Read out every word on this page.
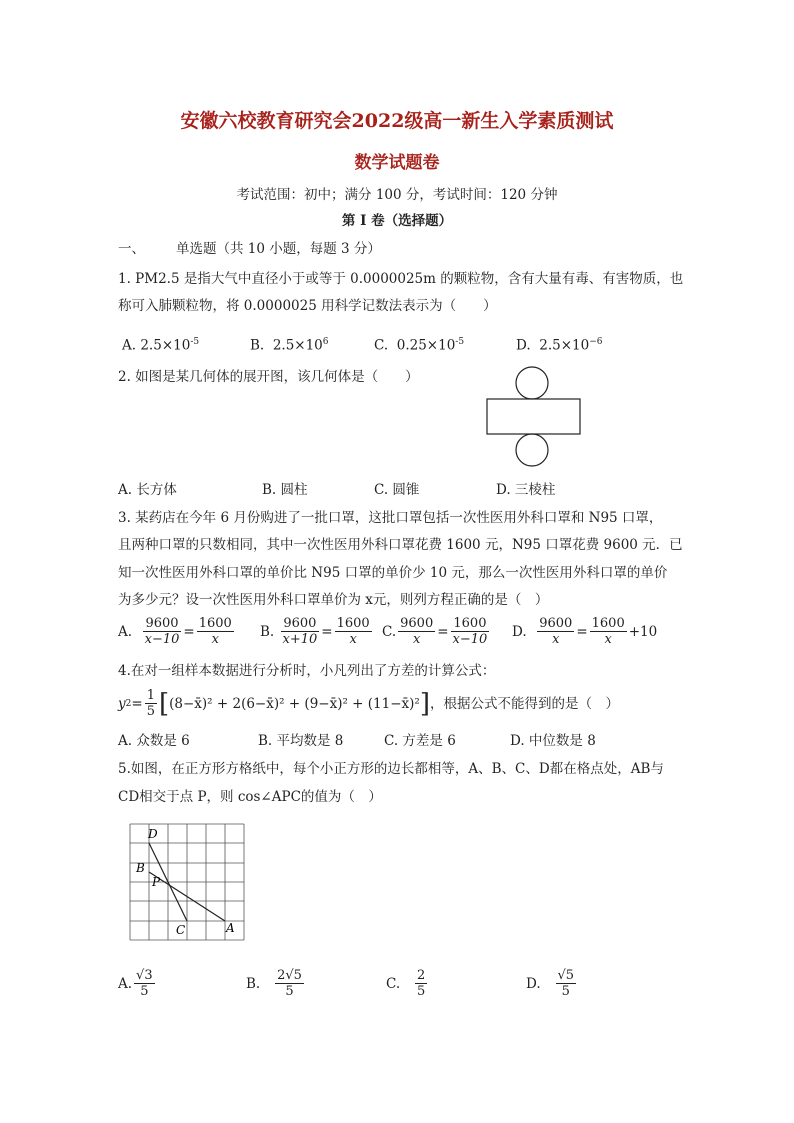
安徽六校教育研究会2022级高一新生入学素质测试
数学试题卷
考试范围：初中；满分 100 分，考试时间：120 分钟
第 I 卷（选择题）
一、 单选题（共 10 小题，每题 3 分）
1. PM2.5 是指大气中直径小于或等于 0.0000025m 的颗粒物，含有大量有毒、有害物质，也
称可入肺颗粒物，将 0.0000025 用科学记数法表示为（　　）
A. $2.5\times 10^{-5}$	B. $2.5\times 10^6$	C. $0.25\times 10^{-5}$	D. $2.5\times 10^{-6}$
2. 如图是某几何体的展开图，该几何体是（　　）
A. 长方体	B. 圆柱	C. 圆锥	D. 三棱柱
3. 某药店在今年 6 月份购进了一批口罩，这批口罩包括一次性医用外科口罩和 N95 口罩，
且两种口罩的只数相同，其中一次性医用外科口罩花费 1600 元，N95 口罩花费 9600 元．已
知一次性医用外科口罩的单价比 N95 口罩的单价少 10 元，那么一次性医用外科口罩的单价
为多少元？设一次性医用外科口罩单价为 x元，则列方程正确的是（　）
A.
$\frac{9600}{x-10} = \frac{1600}{x} B$.
$\frac{9600}{x+10} = \frac{1600}{x} C$. $\frac{9600}{x} = \frac{1600}{x-10} D$.
$\frac{9600}{x} = \frac{1600}{x} +10$
4.在对一组样本数据进行分析时，小凡列出了方差的计算公式：
y $2 = \frac{1}{5}$ [ (8−x̄)² + 2(6−x̄)² + (9−x̄)² + (11−x̄)² ] ，根据公式不能得到的是（　）
A. 众数是 6	B. 平均数是 8	C. 方差是 6	D. 中位数是 8
5.如图，在正方形方格纸中，每个小正方形的边长都相等，A、B、C、D都在格点处，AB与
CD相交于点 P，则 cos∠APC的值为（　）
D
B
P
C	A
A. $\frac{√3}{5}$	B.
$\frac{2√5}{5}$	C.
$\frac{2}{5}$	D.
$\frac{√5}{5}$
